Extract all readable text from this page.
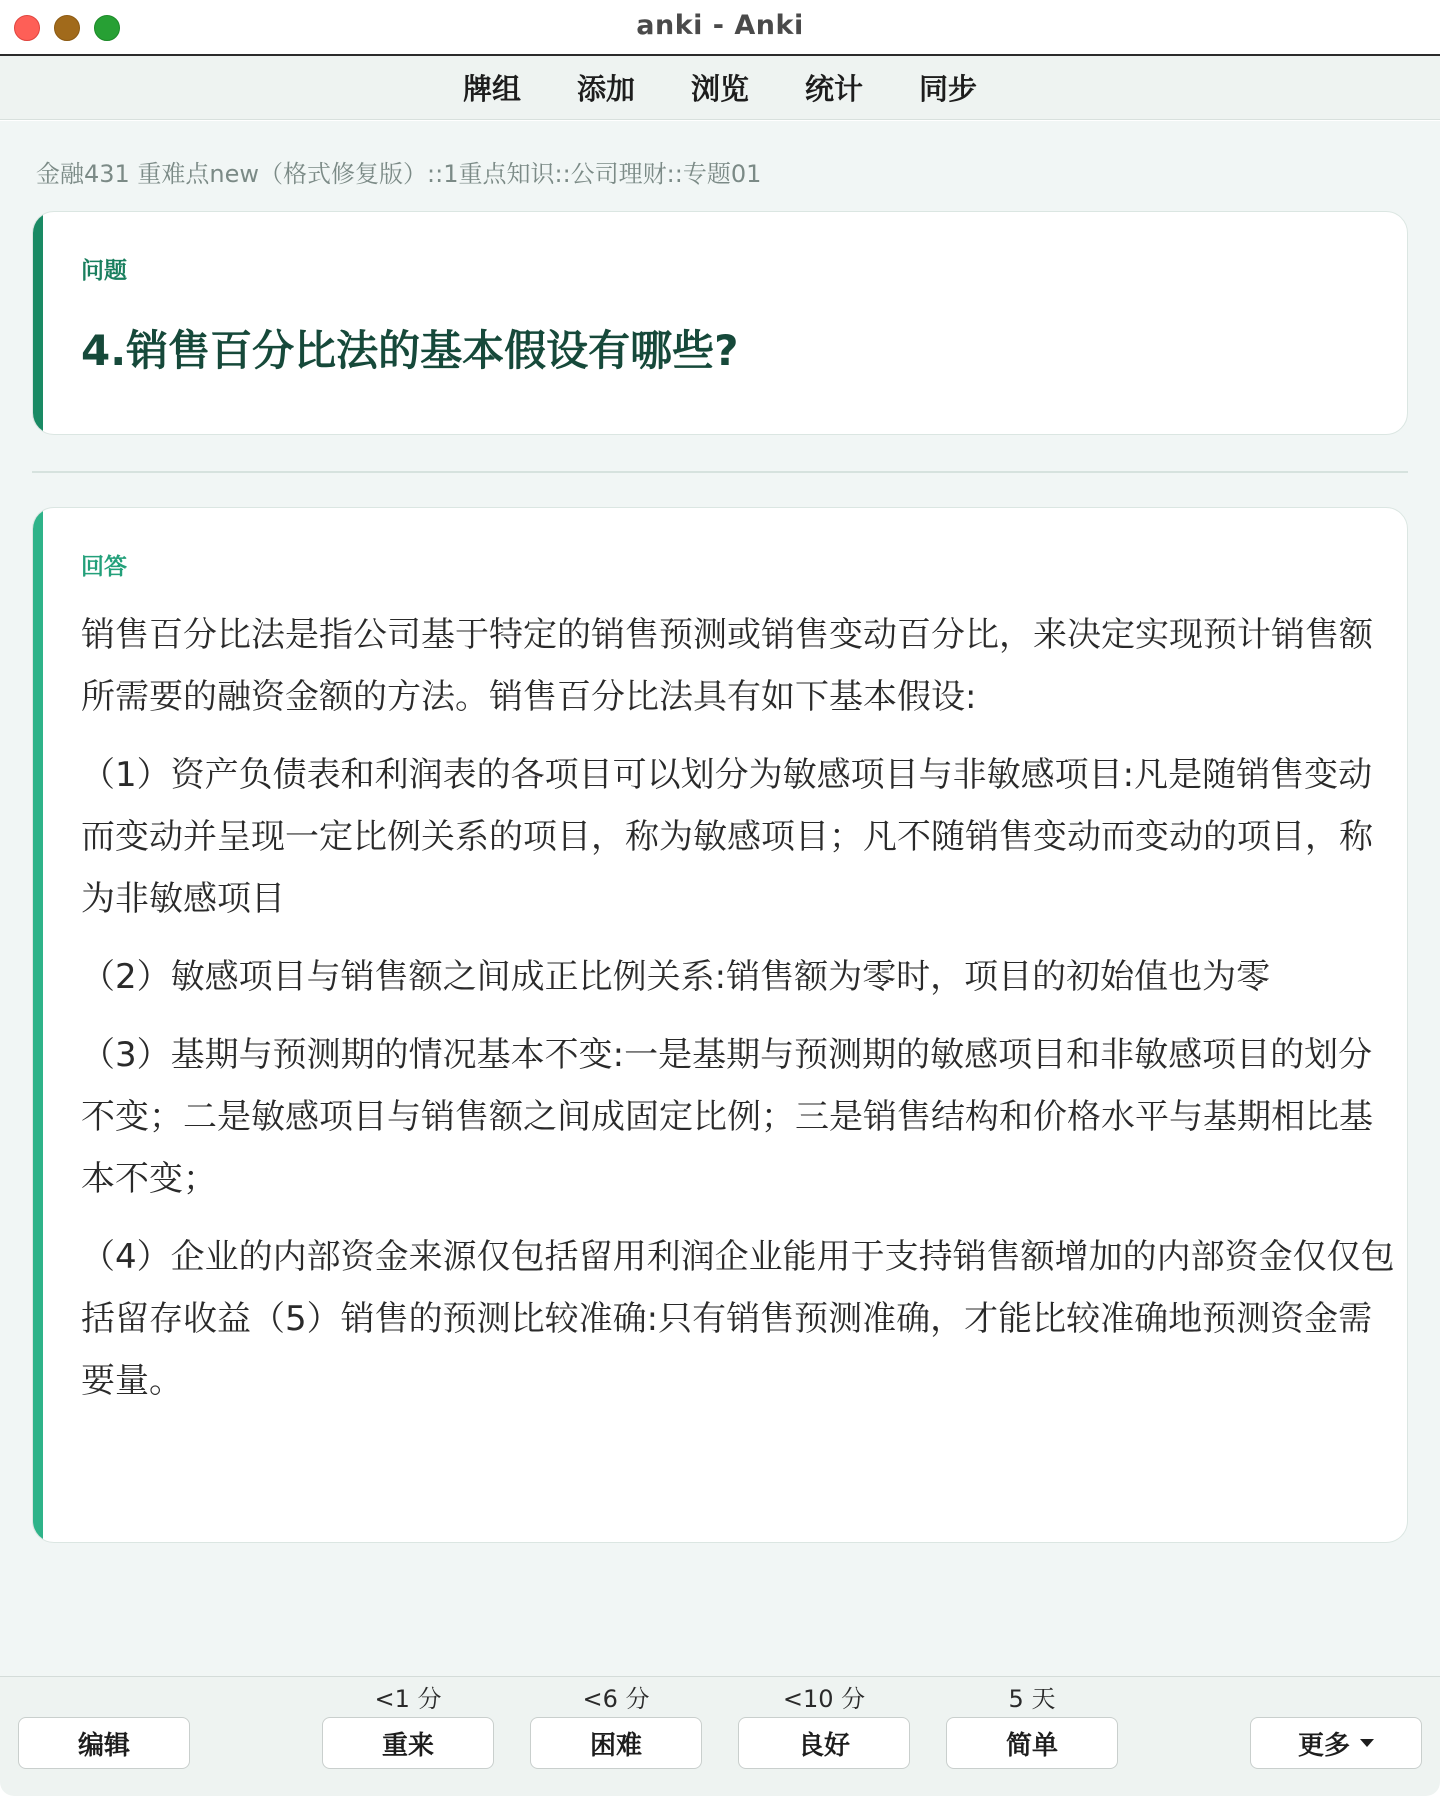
anki - Anki
牌组 添加 浏览 统计 同步
金融431 重难点new（格式修复版）::1重点知识::公司理财::专题01
问题
4.销售百分比法的基本假设有哪些?
回答

销售百分比法是指公司基于特定的销售预测或销售变动百分比，来决定实现预计销售额所需要的融资金额的方法。销售百分比法具有如下基本假设:

（1）资产负债表和利润表的各项目可以划分为敏感项目与非敏感项目:凡是随销售变动而变动并呈现一定比例关系的项目，称为敏感项目；凡不随销售变动而变动的项目，称为非敏感项目

（2）敏感项目与销售额之间成正比例关系:销售额为零时，项目的初始值也为零

（3）基期与预测期的情况基本不变:一是基期与预测期的敏感项目和非敏感项目的划分不变；二是敏感项目与销售额之间成固定比例；三是销售结构和价格水平与基期相比基本不变；

（4）企业的内部资金来源仅包括留用利润企业能用于支持销售额增加的内部资金仅仅包括留存收益（5）销售的预测比较准确:只有销售预测准确，才能比较准确地预测资金需要量。

编辑
<1 分
重来
<6 分
困难
<10 分
良好
5 天
简单	更多
